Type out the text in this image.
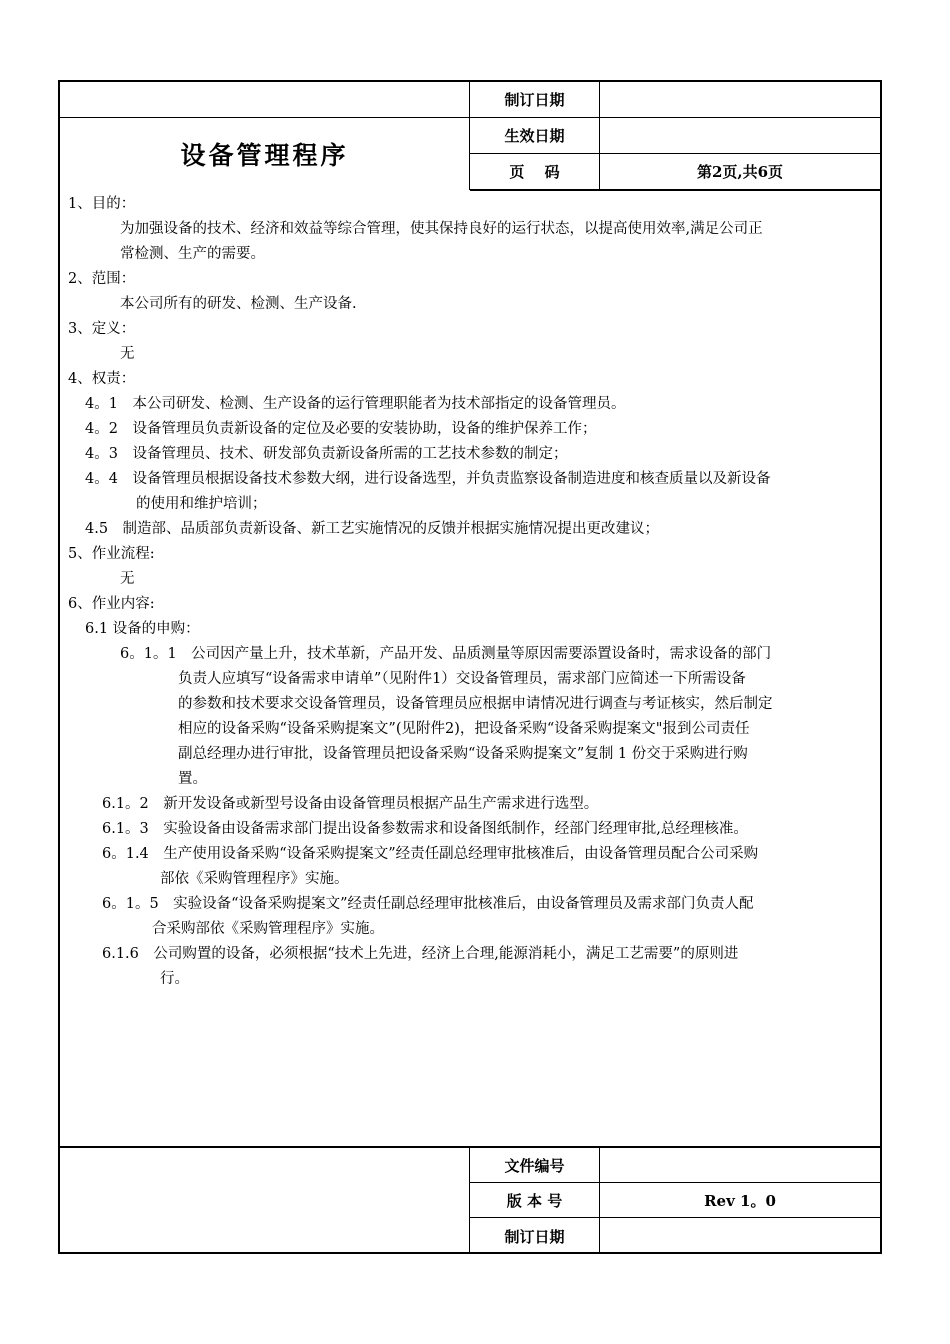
设备管理程序
制订日期
生效日期
页　 码	第2页,共6页
1、目的：
为加强设备的技术、经济和效益等综合管理，使其保持良好的运行状态，以提高使用效率,满足公司正
常检测、生产的需要。
2、范围：
本公司所有的研发、检测、生产设备.
3、定义：
无
4、权责：
4。1　本公司研发、检测、生产设备的运行管理职能者为技术部指定的设备管理员。
4。2　设备管理员负责新设备的定位及必要的安装协助，设备的维护保养工作；
4。3　设备管理员、技术、研发部负责新设备所需的工艺技术参数的制定；
4。4　设备管理员根据设备技术参数大纲，进行设备选型，并负责监察设备制造进度和核查质量以及新设备
的使用和维护培训；
4.5　制造部、品质部负责新设备、新工艺实施情况的反馈并根据实施情况提出更改建议；
5、作业流程:
无
6、作业内容:
6.1 设备的申购：
6。1。1　公司因产量上升，技术革新，产品开发、品质测量等原因需要添置设备时，需求设备的部门
负责人应填写“设备需求申请单”（见附件1）交设备管理员，需求部门应简述一下所需设备
的参数和技术要求交设备管理员，设备管理员应根据申请情况进行调查与考证核实，然后制定
相应的设备采购“设备采购提案文”(见附件2)，把设备采购“设备采购提案文"报到公司责任
副总经理办进行审批，设备管理员把设备采购“设备采购提案文”复制 1 份交于采购进行购
置。
6.1。2　新开发设备或新型号设备由设备管理员根据产品生产需求进行选型。
6.1。3　实验设备由设备需求部门提出设备参数需求和设备图纸制作，经部门经理审批,总经理核准。
6。1.4　生产使用设备采购“设备采购提案文”经责任副总经理审批核准后，由设备管理员配合公司采购
部依《采购管理程序》实施。
6。1。5　实验设备“设备采购提案文”经责任副总经理审批核准后，由设备管理员及需求部门负责人配
合采购部依《采购管理程序》实施。
6.1.6　公司购置的设备，必须根据“技术上先进，经济上合理,能源消耗小，满足工艺需要”的原则进
行。
文件编号
版 本 号	Rev 1。0
制订日期
